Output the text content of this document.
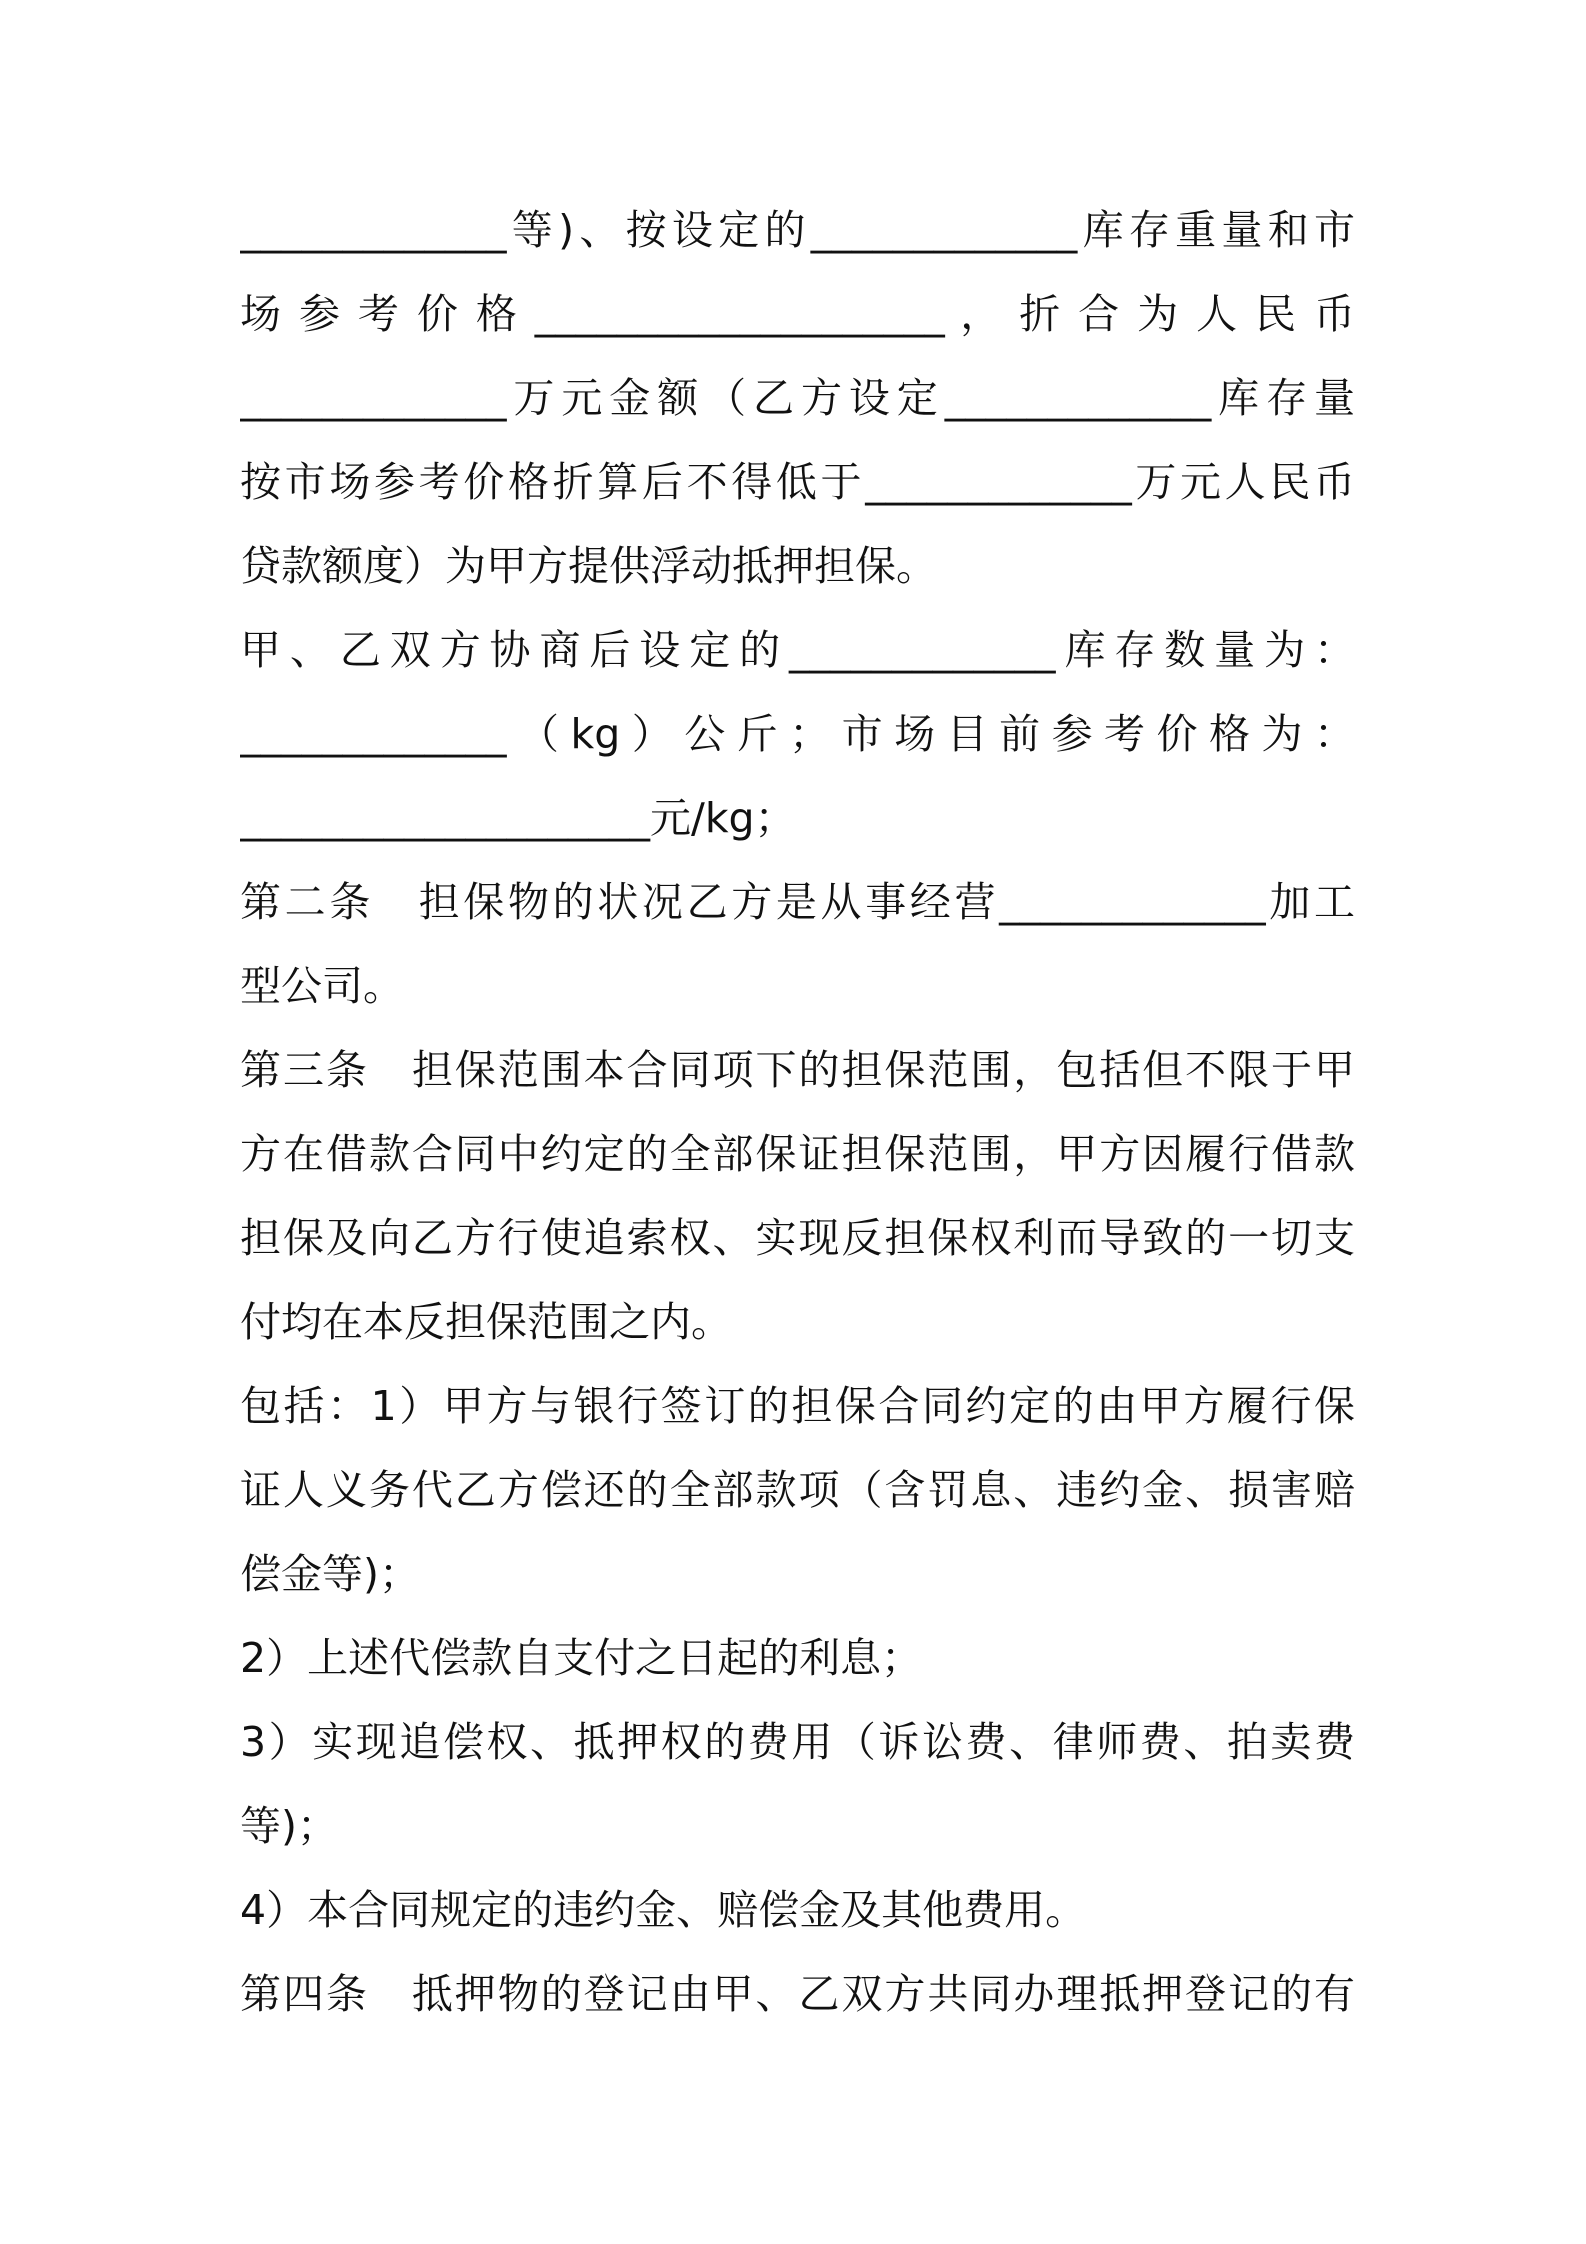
_____________等)、按设定的_____________库存重量和市
场 参 考 价 格 ____________________ ， 折 合 为 人 民 币
_____________万元金额（乙方设定_____________库存量
按市场参考价格折算后不得低于_____________万元人民币
贷款额度）为甲方提供浮动抵押担保。
甲、乙双方协商后设定的_____________库存数量为：
_____________（kg）公斤；市场目前参考价格为：
____________________元/kg；
第二条　担保物的状况乙方是从事经营_____________加工
型公司。
第三条　担保范围本合同项下的担保范围，包括但不限于甲
方在借款合同中约定的全部保证担保范围，甲方因履行借款
担保及向乙方行使追索权、实现反担保权利而导致的一切支
付均在本反担保范围之内。
包括：1）甲方与银行签订的担保合同约定的由甲方履行保
证人义务代乙方偿还的全部款项（含罚息、违约金、损害赔
偿金等)；
2）上述代偿款自支付之日起的利息；
3）实现追偿权、抵押权的费用（诉讼费、律师费、拍卖费
等)；
4）本合同规定的违约金、赔偿金及其他费用。
第四条　抵押物的登记由甲、乙双方共同办理抵押登记的有
